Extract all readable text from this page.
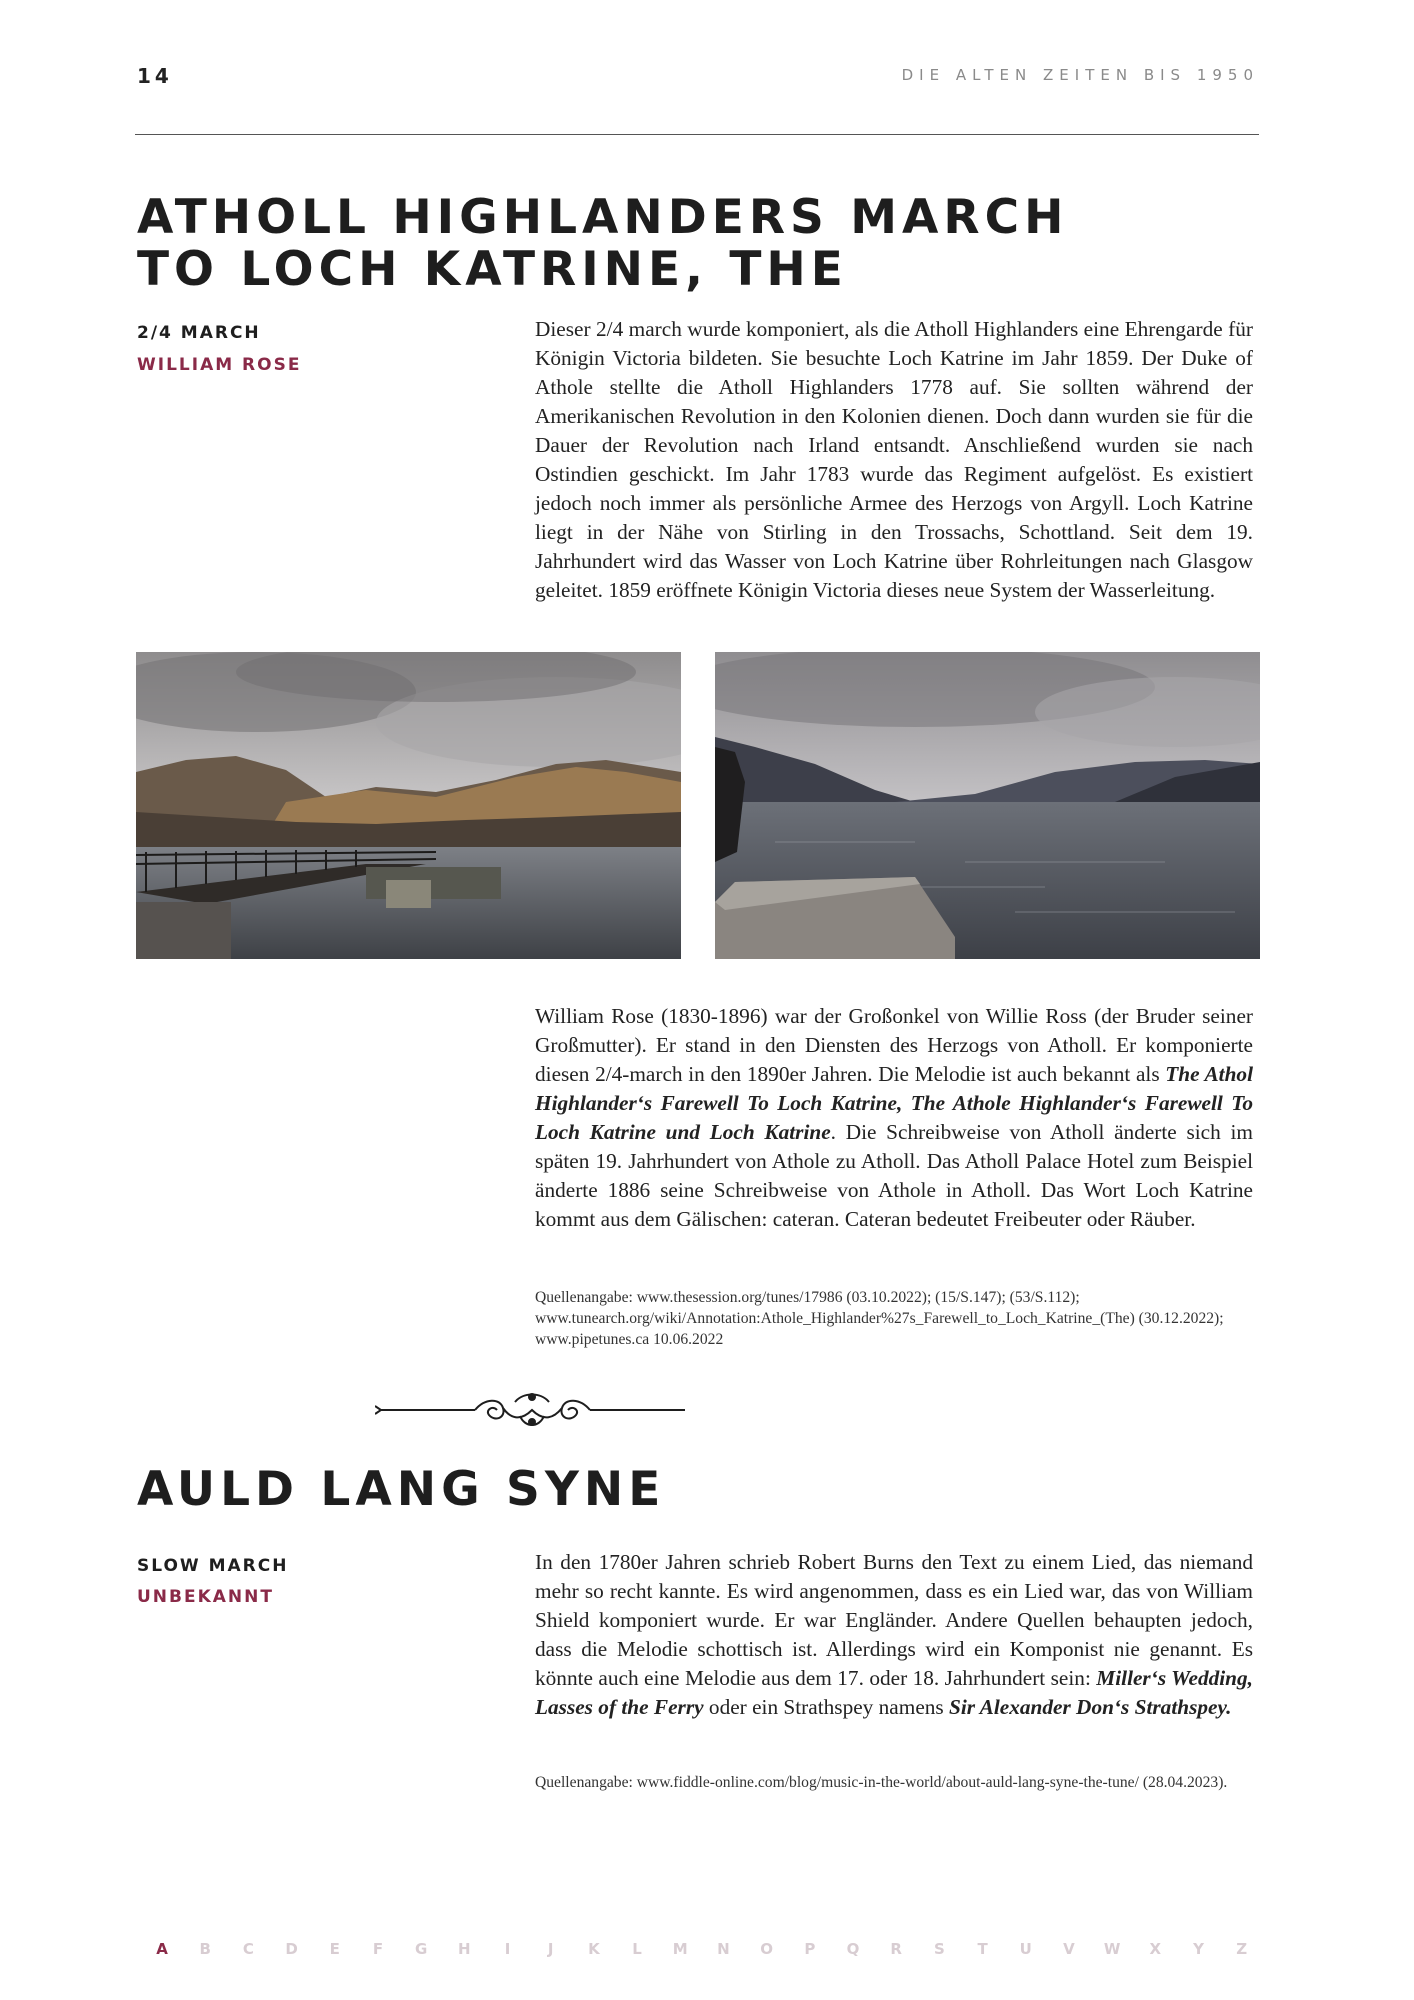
14	DIE ALTEN ZEITEN BIS 1950
ATHOLL HIGHLANDERS MARCH
TO LOCH KATRINE, THE
2/4 MARCH
WILLIAM ROSE

Dieser 2/4 march wurde komponiert, als die Atholl Highlanders eine Ehrengarde für Königin Victoria bildeten. Sie besuchte Loch Katrine im Jahr 1859. Der Duke of Athole stellte die Atholl Highlanders 1778 auf. Sie sollten während der Amerikanischen Revolution in den Kolonien dienen. Doch dann wurden sie für die Dauer der Revolution nach Irland entsandt. Anschließend wurden sie nach Ostindien geschickt. Im Jahr 1783 wurde das Regiment aufgelöst. Es existiert jedoch noch immer als persönliche Armee des Herzogs von Argyll. Loch Katrine liegt in der Nähe von Stirling in den Trossachs, Schottland. Seit dem 19. Jahrhundert wird das Wasser von Loch Katrine über Rohrleitungen nach Glasgow geleitet. 1859 eröffnete Königin Victoria dieses neue System der Wasserleitung.

William Rose (1830-1896) war der Großonkel von Willie Ross (der Bruder seiner Großmutter). Er stand in den Diensten des Herzogs von Atholl. Er komponierte diesen 2/4-march in den 1890er Jahren. Die Melodie ist auch bekannt als The Athol Highlander‘s Farewell To Loch Katrine, The Athole Highlander‘s Farewell To Loch Katrine und Loch Katrine. Die Schreibweise von Atholl änderte sich im späten 19. Jahrhundert von Athole zu Atholl. Das Atholl Palace Hotel zum Beispiel änderte 1886 seine Schreibweise von Athole in Atholl. Das Wort Loch Katrine kommt aus dem Gälischen: cateran. Cateran bedeutet Freibeuter oder Räuber.

Quellenangabe: www.thesession.org/tunes/17986 (03.10.2022); (15/S.147); (53/S.112); www.tunearch.org/wiki/Annotation:Athole_Highlander%27s_Farewell_to_Loch_Katrine_(The) (30.12.2022); www.pipetunes.ca 10.06.2022

AULD LANG SYNE
SLOW MARCH
UNBEKANNT

In den 1780er Jahren schrieb Robert Burns den Text zu einem Lied, das niemand mehr so recht kannte. Es wird angenommen, dass es ein Lied war, das von William Shield komponiert wurde. Er war Engländer. Andere Quellen behaupten jedoch, dass die Melodie schottisch ist. Allerdings wird ein Komponist nie genannt. Es könnte auch eine Melodie aus dem 17. oder 18. Jahrhundert sein: Miller‘s Wedding, Lasses of the Ferry oder ein Strathspey namens Sir Alexander Don‘s Strathspey.

Quellenangabe: www.fiddle-online.com/blog/music-in-the-world/about-auld-lang-syne-the-tune/ (28.04.2023).

A B C	D	E	F	G H	I	J	K	L	M N O	P	Q R	S	T	U V W X	Y	Z
